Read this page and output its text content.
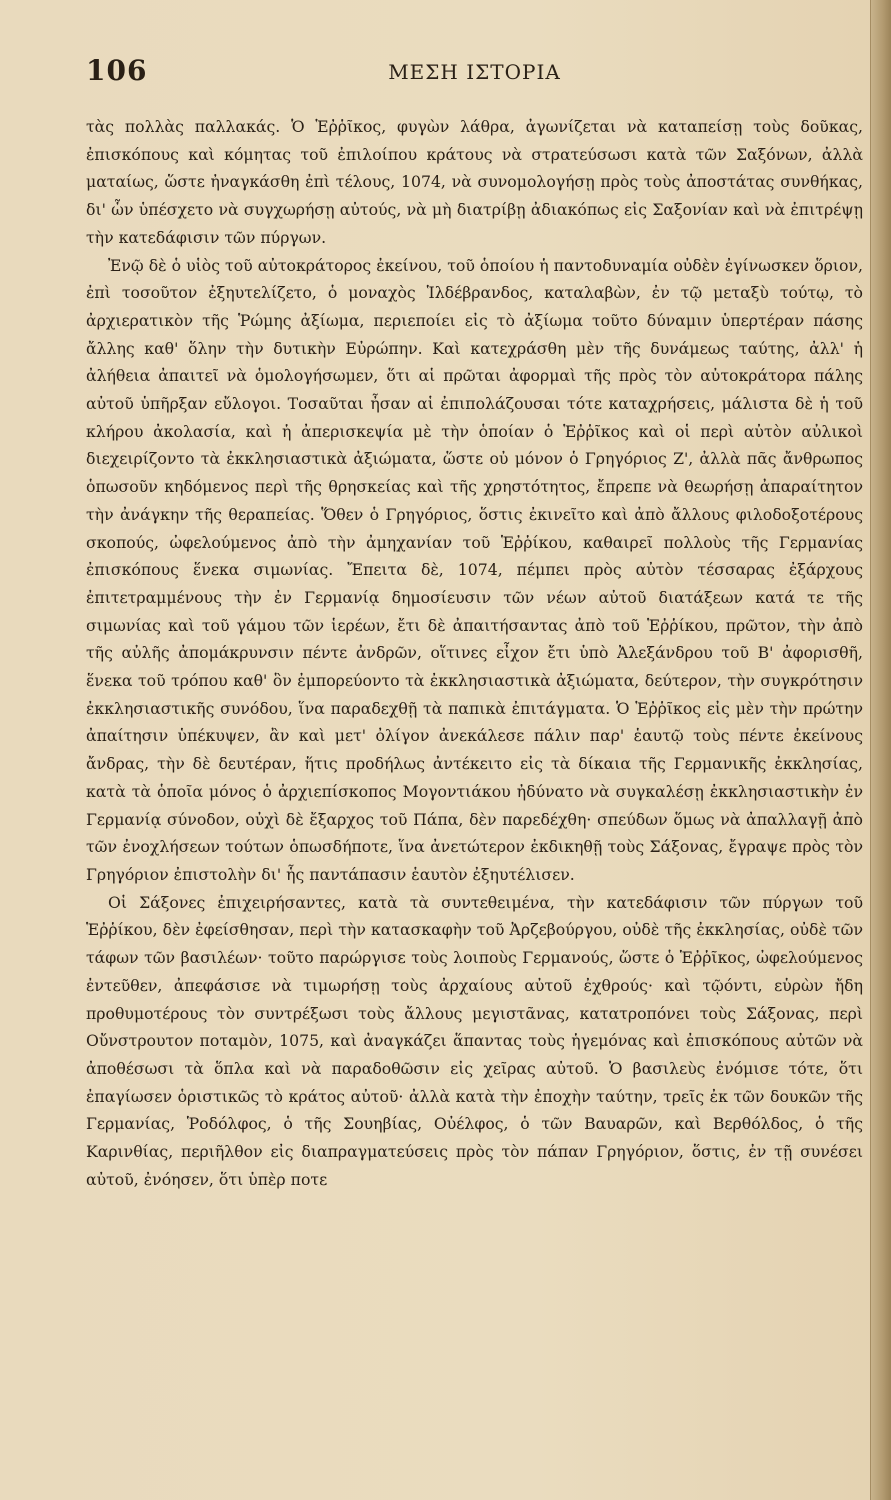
106	ΜΕΣΗ ΙΣΤΟΡΙΑ

τὰς πολλὰς παλλακάς. Ὁ Ἑῤῥῖκος, φυγὼν λάθρα, ἀγωνίζεται νὰ καταπείσῃ τοὺς δοῦκας, ἐπισκόπους καὶ κόμητας τοῦ ἐπιλοίπου κράτους νὰ στρατεύσωσι κατὰ τῶν Σαξόνων, ἀλλὰ ματαίως, ὥστε ἠναγκάσθη ἐπὶ τέλους, 1074, νὰ συνομολογήσῃ πρὸς τοὺς ἀποστάτας συνθήκας, δι' ὧν ὑπέσχετο νὰ συγχωρήσῃ αὐτούς, νὰ μὴ διατρίβῃ ἀδιακόπως εἰς Σαξονίαν καὶ νὰ ἐπιτρέψῃ τὴν κατεδάφισιν τῶν πύργων.

Ἐνῷ δὲ ὁ υἱὸς τοῦ αὐτοκράτορος ἐκείνου, τοῦ ὁποίου ἡ παντοδυναμία οὐδὲν ἐγίνωσκεν ὅριον, ἐπὶ τοσοῦτον ἐξηυτελίζετο, ὁ μοναχὸς Ἱλδέβρανδος, καταλαβὼν, ἐν τῷ μεταξὺ τούτῳ, τὸ ἀρχιερατικὸν τῆς Ῥώμης ἀξίωμα, περιεποίει εἰς τὸ ἀξίωμα τοῦτο δύναμιν ὑπερτέραν πάσης ἄλλης καθ' ὅλην τὴν δυτικὴν Εὐρώπην. Καὶ κατεχράσθη μὲν τῆς δυνάμεως ταύτης, ἀλλ' ἡ ἀλήθεια ἀπαιτεῖ νὰ ὁμολογήσωμεν, ὅτι αἱ πρῶται ἀφορμαὶ τῆς πρὸς τὸν αὐτοκράτορα πάλης αὐτοῦ ὑπῆρξαν εὔλογοι. Τοσαῦται ἦσαν αἱ ἐπιπολάζουσαι τότε καταχρήσεις, μάλιστα δὲ ἡ τοῦ κλήρου ἀκολασία, καὶ ἡ ἀπερισκεψία μὲ τὴν ὁποίαν ὁ Ἑῤῥῖκος καὶ οἱ περὶ αὐτὸν αὐλικοὶ διεχειρίζοντο τὰ ἐκκλησιαστικὰ ἀξιώματα, ὥστε οὐ μόνον ὁ Γρηγόριος Ζ', ἀλλὰ πᾶς ἄνθρωπος ὁπωσοῦν κηδόμενος περὶ τῆς θρησκείας καὶ τῆς χρηστότητος, ἔπρεπε νὰ θεωρήσῃ ἀπαραίτητον τὴν ἀνάγκην τῆς θεραπείας. Ὅθεν ὁ Γρηγόριος, ὅστις ἐκινεῖτο καὶ ἀπὸ ἄλλους φιλοδοξοτέρους σκοπούς, ὠφελούμενος ἀπὸ τὴν ἀμηχανίαν τοῦ Ἑῤῥίκου, καθαιρεῖ πολλοὺς τῆς Γερμανίας ἐπισκόπους ἕνεκα σιμωνίας. Ἔπειτα δὲ, 1074, πέμπει πρὸς αὐτὸν τέσσαρας ἐξάρχους ἐπιτετραμμένους τὴν ἐν Γερμανίᾳ δημοσίευσιν τῶν νέων αὐτοῦ διατάξεων κατά τε τῆς σιμωνίας καὶ τοῦ γάμου τῶν ἱερέων, ἔτι δὲ ἀπαιτήσαντας ἀπὸ τοῦ Ἑῤῥίκου, πρῶτον, τὴν ἀπὸ τῆς αὐλῆς ἀπομάκρυνσιν πέντε ἀνδρῶν, οἵτινες εἶχον ἔτι ὑπὸ Ἀλεξάνδρου τοῦ Β' ἀφορισθῆ, ἕνεκα τοῦ τρόπου καθ' ὃν ἐμπορεύοντο τὰ ἐκκλησιαστικὰ ἀξιώματα, δεύτερον, τὴν συγκρότησιν ἐκκλησιαστικῆς συνόδου, ἵνα παραδεχθῇ τὰ παπικὰ ἐπιτάγματα. Ὁ Ἑῤῥῖκος εἰς μὲν τὴν πρώτην ἀπαίτησιν ὑπέκυψεν, ἂν καὶ μετ' ὀλίγον ἀνεκάλεσε πάλιν παρ' ἑαυτῷ τοὺς πέντε ἐκείνους ἄνδρας, τὴν δὲ δευτέραν, ἥτις προδήλως ἀντέκειτο εἰς τὰ δίκαια τῆς Γερμανικῆς ἐκκλησίας, κατὰ τὰ ὁποῖα μόνος ὁ ἀρχιεπίσκοπος Μογοντιάκου ἠδύνατο νὰ συγκαλέσῃ ἐκκλησιαστικὴν ἐν Γερμανίᾳ σύνοδον, οὐχὶ δὲ ἔξαρχος τοῦ Πάπα, δὲν παρεδέχθη· σπεύδων ὅμως νὰ ἀπαλλαγῇ ἀπὸ τῶν ἐνοχλήσεων τούτων ὁπωσδήποτε, ἵνα ἀνετώτερον ἐκδικηθῇ τοὺς Σάξονας, ἔγραψε πρὸς τὸν Γρηγόριον ἐπιστολὴν δι' ἧς παντάπασιν ἑαυτὸν ἐξηυτέλισεν.

Οἱ Σάξονες ἐπιχειρήσαντες, κατὰ τὰ συντεθειμένα, τὴν κατεδάφισιν τῶν πύργων τοῦ Ἑῤῥίκου, δὲν ἐφείσθησαν, περὶ τὴν κατασκαφὴν τοῦ Ἀρζεβούργου, οὐδὲ τῆς ἐκκλησίας, οὐδὲ τῶν τάφων τῶν βασιλέων· τοῦτο παρώργισε τοὺς λοιποὺς Γερμανούς, ὥστε ὁ Ἑῤῥῖκος, ὠφελούμενος ἐντεῦθεν, ἀπεφάσισε νὰ τιμωρήσῃ τοὺς ἀρχαίους αὐτοῦ ἐχθρούς· καὶ τῷόντι, εὑρὼν ἤδη προθυμοτέρους τὸν συντρέξωσι τοὺς ἄλλους μεγιστᾶνας, κατατροπόνει τοὺς Σάξονας, περὶ Οὔνστρουτον ποταμὸν, 1075, καὶ ἀναγκάζει ἅπαντας τοὺς ἡγεμόνας καὶ ἐπισκόπους αὐτῶν νὰ ἀποθέσωσι τὰ ὅπλα καὶ νὰ παραδοθῶσιν εἰς χεῖρας αὐτοῦ. Ὁ βασιλεὺς ἐνόμισε τότε, ὅτι ἐπαγίωσεν ὁριστικῶς τὸ κράτος αὐτοῦ· ἀλλὰ κατὰ τὴν ἐποχὴν ταύτην, τρεῖς ἐκ τῶν δουκῶν τῆς Γερμανίας, Ῥοδόλφος, ὁ τῆς Σουηβίας, Οὐέλφος, ὁ τῶν Βαυαρῶν, καὶ Βερθόλδος, ὁ τῆς Καρινθίας, περιῆλθον εἰς διαπραγματεύσεις πρὸς τὸν πάπαν Γρηγόριον, ὅστις, ἐν τῇ συνέσει αὐτοῦ, ἐνόησεν, ὅτι ὑπὲρ ποτε
